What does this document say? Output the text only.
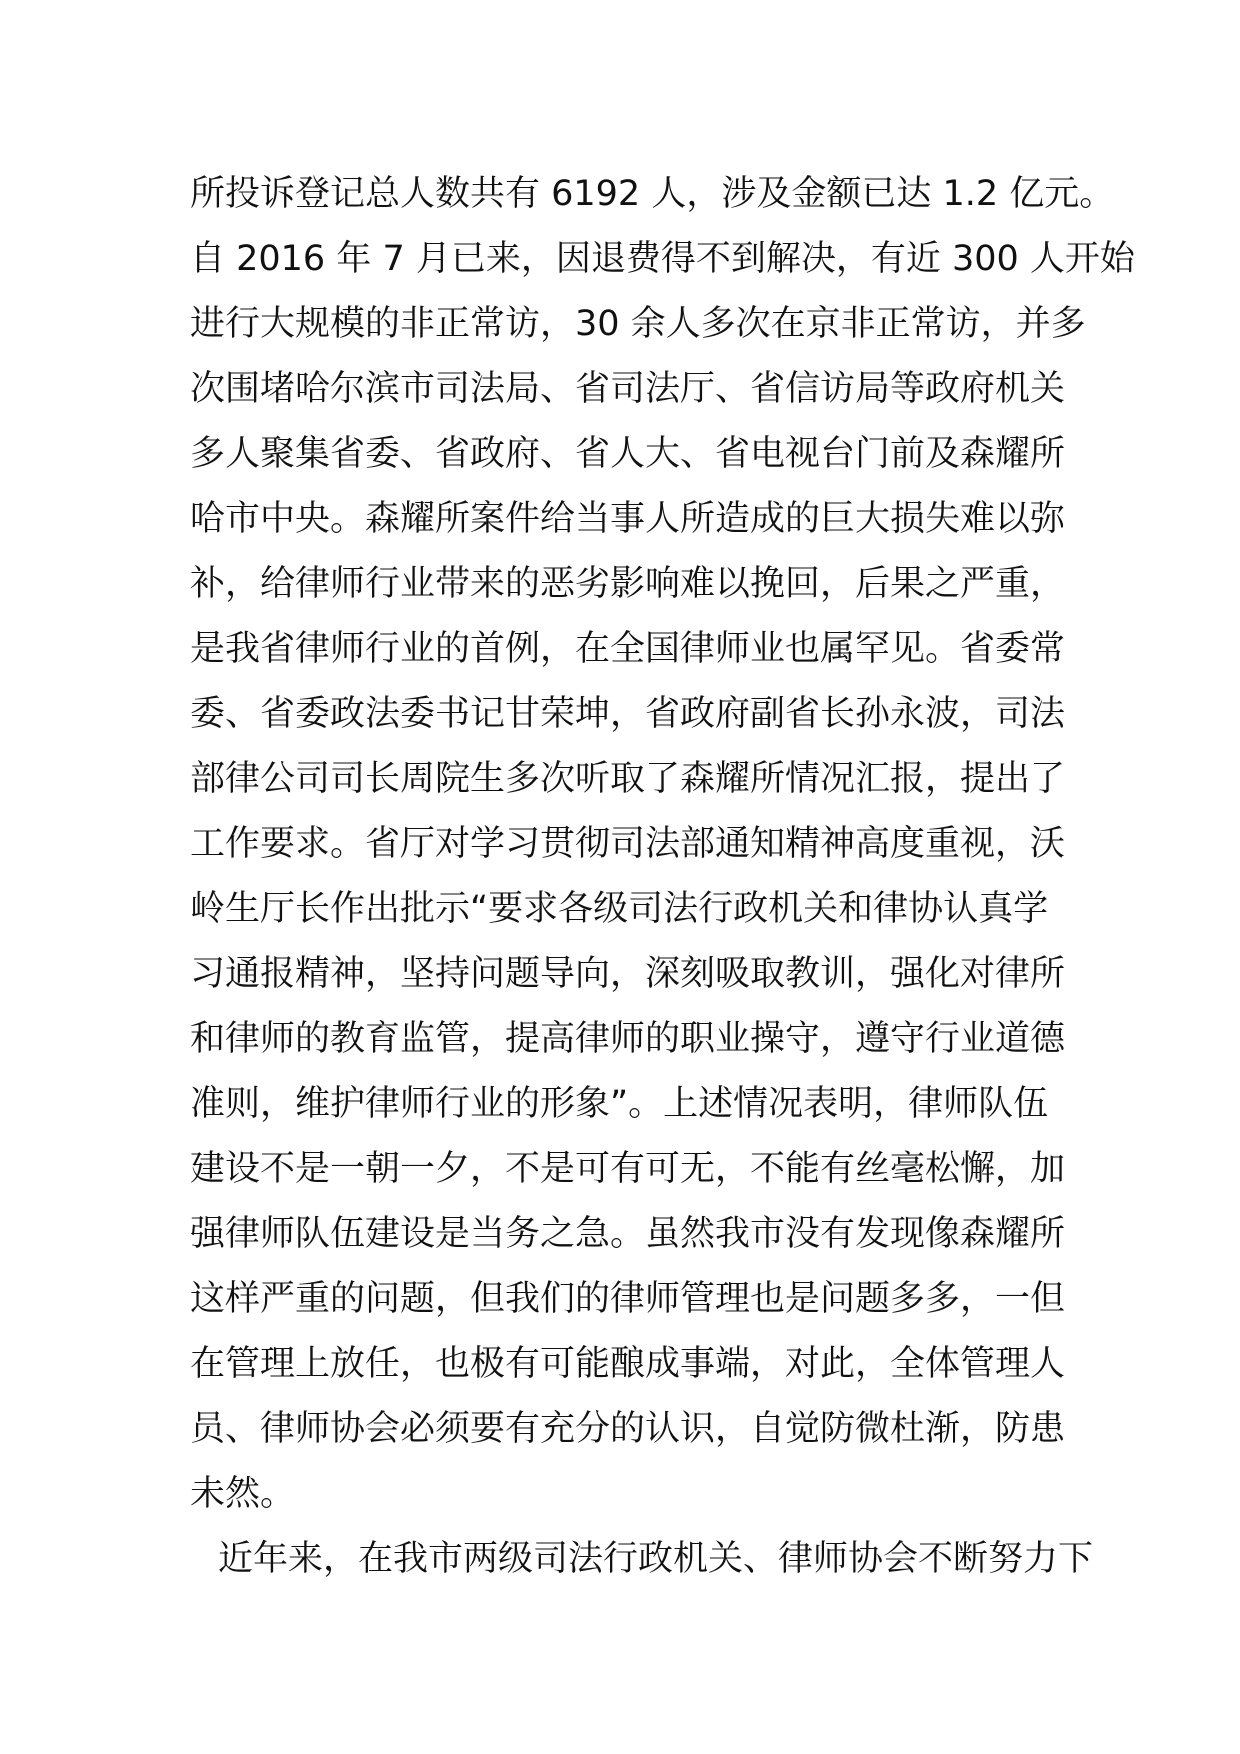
所投诉登记总人数共有 6192 人，涉及金额已达 1.2 亿元。
自 2016 年 7 月已来，因退费得不到解决，有近 300 人开始
进行大规模的非正常访，30 余人多次在京非正常访，并多
次围堵哈尔滨市司法局、省司法厅、省信访局等政府机关
多人聚集省委、省政府、省人大、省电视台门前及森耀所
哈市中央。森耀所案件给当事人所造成的巨大损失难以弥
补，给律师行业带来的恶劣影响难以挽回，后果之严重，
是我省律师行业的首例，在全国律师业也属罕见。省委常
委、省委政法委书记甘荣坤，省政府副省长孙永波，司法
部律公司司长周院生多次听取了森耀所情况汇报，提出了
工作要求。省厅对学习贯彻司法部通知精神高度重视，沃
岭生厅长作出批示“要求各级司法行政机关和律协认真学
习通报精神，坚持问题导向，深刻吸取教训，强化对律所
和律师的教育监管，提高律师的职业操守，遵守行业道德
准则，维护律师行业的形象”。上述情况表明，律师队伍
建设不是一朝一夕，不是可有可无，不能有丝毫松懈，加
强律师队伍建设是当务之急。虽然我市没有发现像森耀所
这样严重的问题，但我们的律师管理也是问题多多，一但
在管理上放任，也极有可能酿成事端，对此，全体管理人
员、律师协会必须要有充分的认识，自觉防微杜渐，防患
未然。
近年来，在我市两级司法行政机关、律师协会不断努力下
